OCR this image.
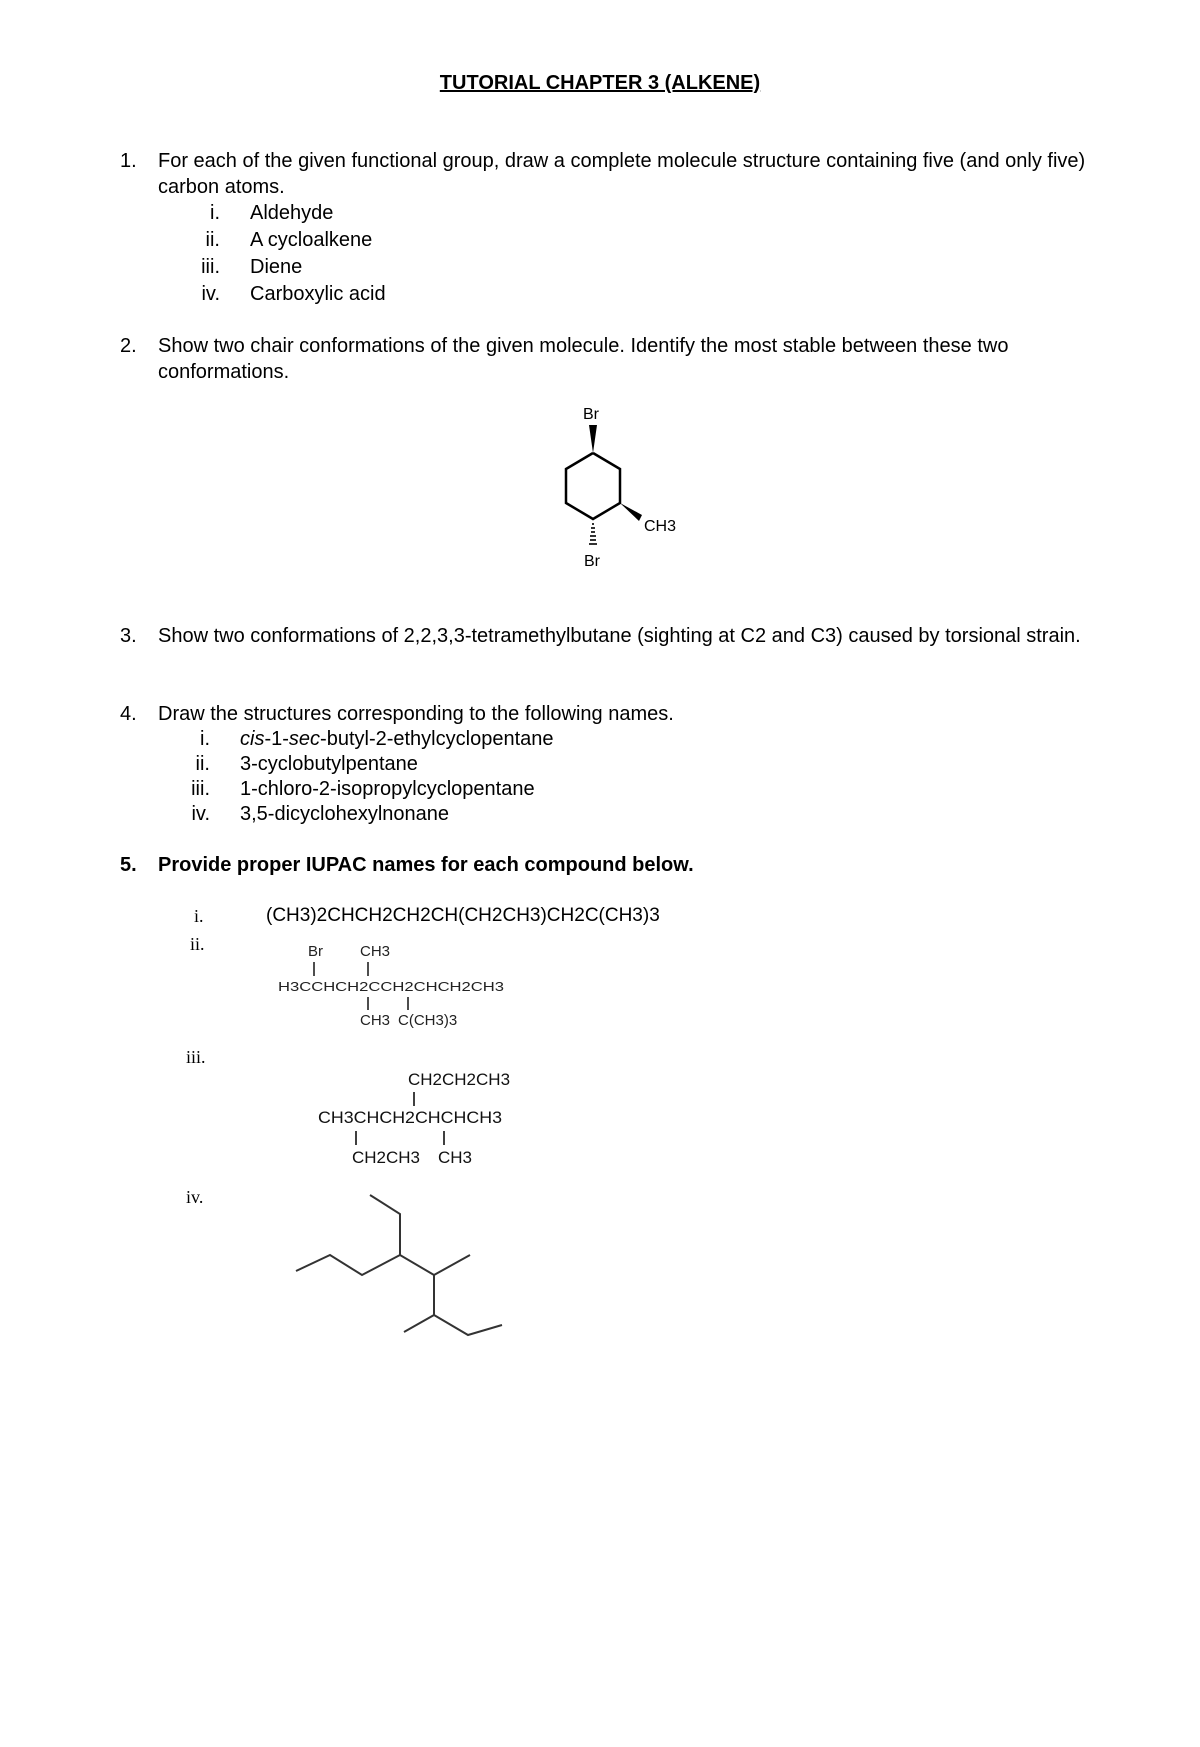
TUTORIAL CHAPTER 3 (ALKENE)
1. For each of the given functional group, draw a complete molecule structure containing five (and only five) carbon atoms.
i. Aldehyde
ii. A cycloalkene
iii. Diene
iv. Carboxylic acid
2. Show two chair conformations of the given molecule. Identify the most stable between these two conformations.
Br
CH3
Br
3. Show two conformations of 2,2,3,3-tetramethylbutane (sighting at C2 and C3) caused by torsional strain.
4. Draw the structures corresponding to the following names.
i. cis-1-sec-butyl-2-ethylcyclopentane
ii. 3-cyclobutylpentane
iii. 1-chloro-2-isopropylcyclopentane
iv. 3,5-dicyclohexylnonane
5. Provide proper IUPAC names for each compound below.
i.	(CH3)2CHCH2CH2CH(CH2CH3)CH2C(CH3)3
ii.	Br CH3
H3CCHCH2CCH2CHCH2CH3
CH3 C(CH3)3
iii.
CH2CH2CH3
CH3CHCH2CHCHCH3
CH2CH3 CH3
iv.
